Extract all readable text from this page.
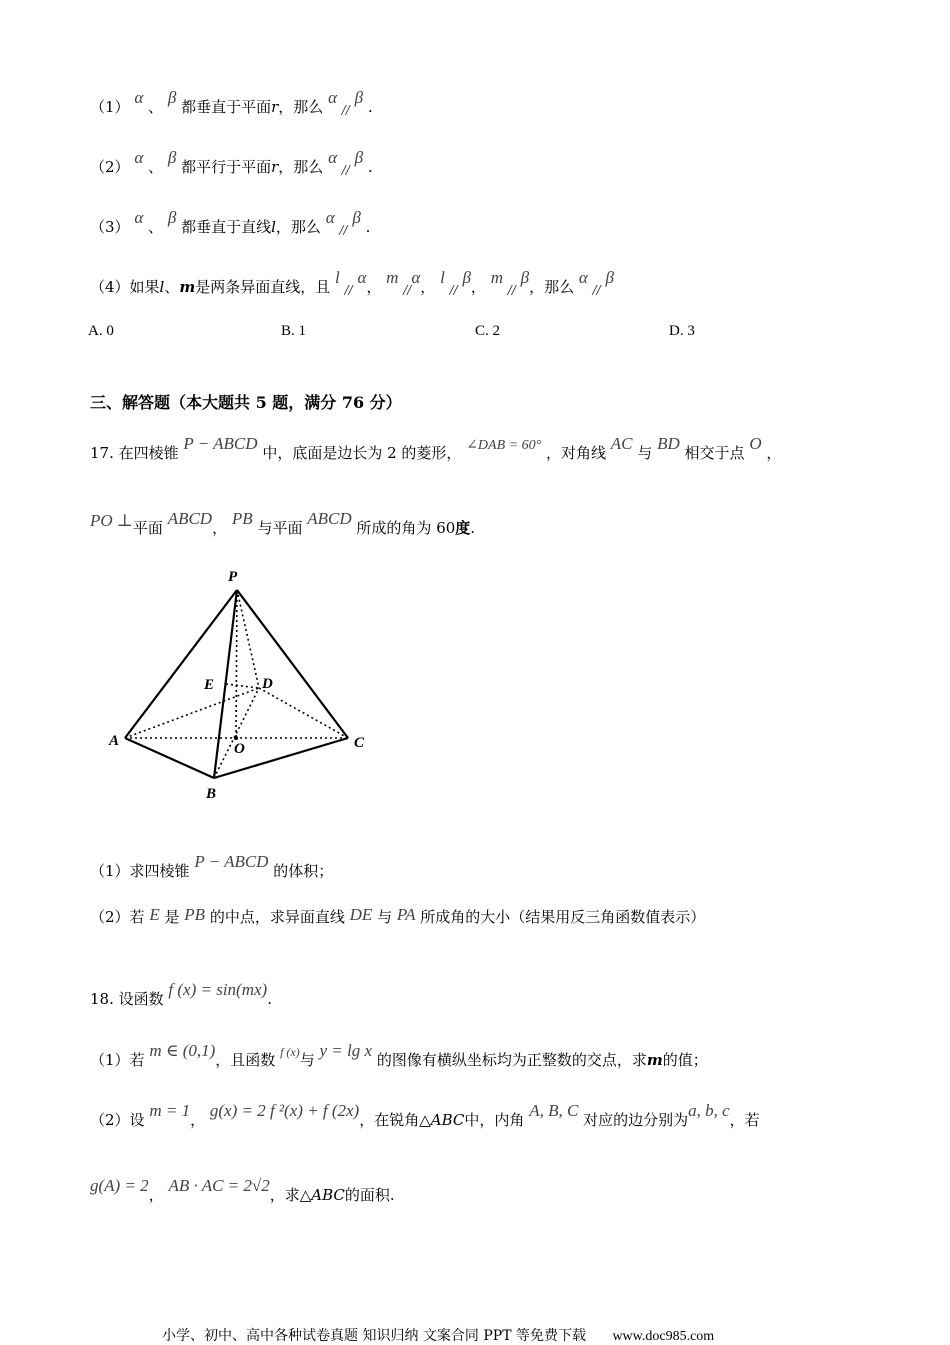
（1） α 、 β 都垂直于平面r，那么 α // β .
（2） α 、 β 都平行于平面r，那么 α // β .
（3） α 、 β 都垂直于直线l，那么 α // β .
（4）如果l、m是两条异面直线，且 l // α， m //α， l // β， m // β，那么 α // β
A. 0	B. 1	C. 2	D. 3
三、解答题（本大题共 5 题，满分 76 分）
17. 在四棱锥 P − ABCD 中，底面是边长为 2 的菱形， ∠DAB = 60° ，对角线 AC 与 BD 相交于点 O ，
PO ⊥平面 ABCD， PB 与平面 ABCD 所成的角为 60度.
P
A
B
C
D
E
O
（1）求四棱锥 P − ABCD 的体积；
（2）若 E 是 PB 的中点，求异面直线 DE 与 PA 所成角的大小（结果用反三角函数值表示）
18. 设函数 f (x) = sin(mx).
（1）若 m ∈ (0,1)，且函数 $^{f (x)}$与 y = lg x 的图像有横纵坐标均为正整数的交点，求m的值；
（2）设 m = 1， g(x) = 2 f ²(x) + f (2x)，在锐角△ABC中，内角 A, B, C 对应的边分别为a, b, c，若
g(A) = 2， AB · AC = 2√2，求△ABC的面积.
小学、初中、高中各种试卷真题 知识归纳 文案合同 PPT 等免费下载 www.doc985.com
